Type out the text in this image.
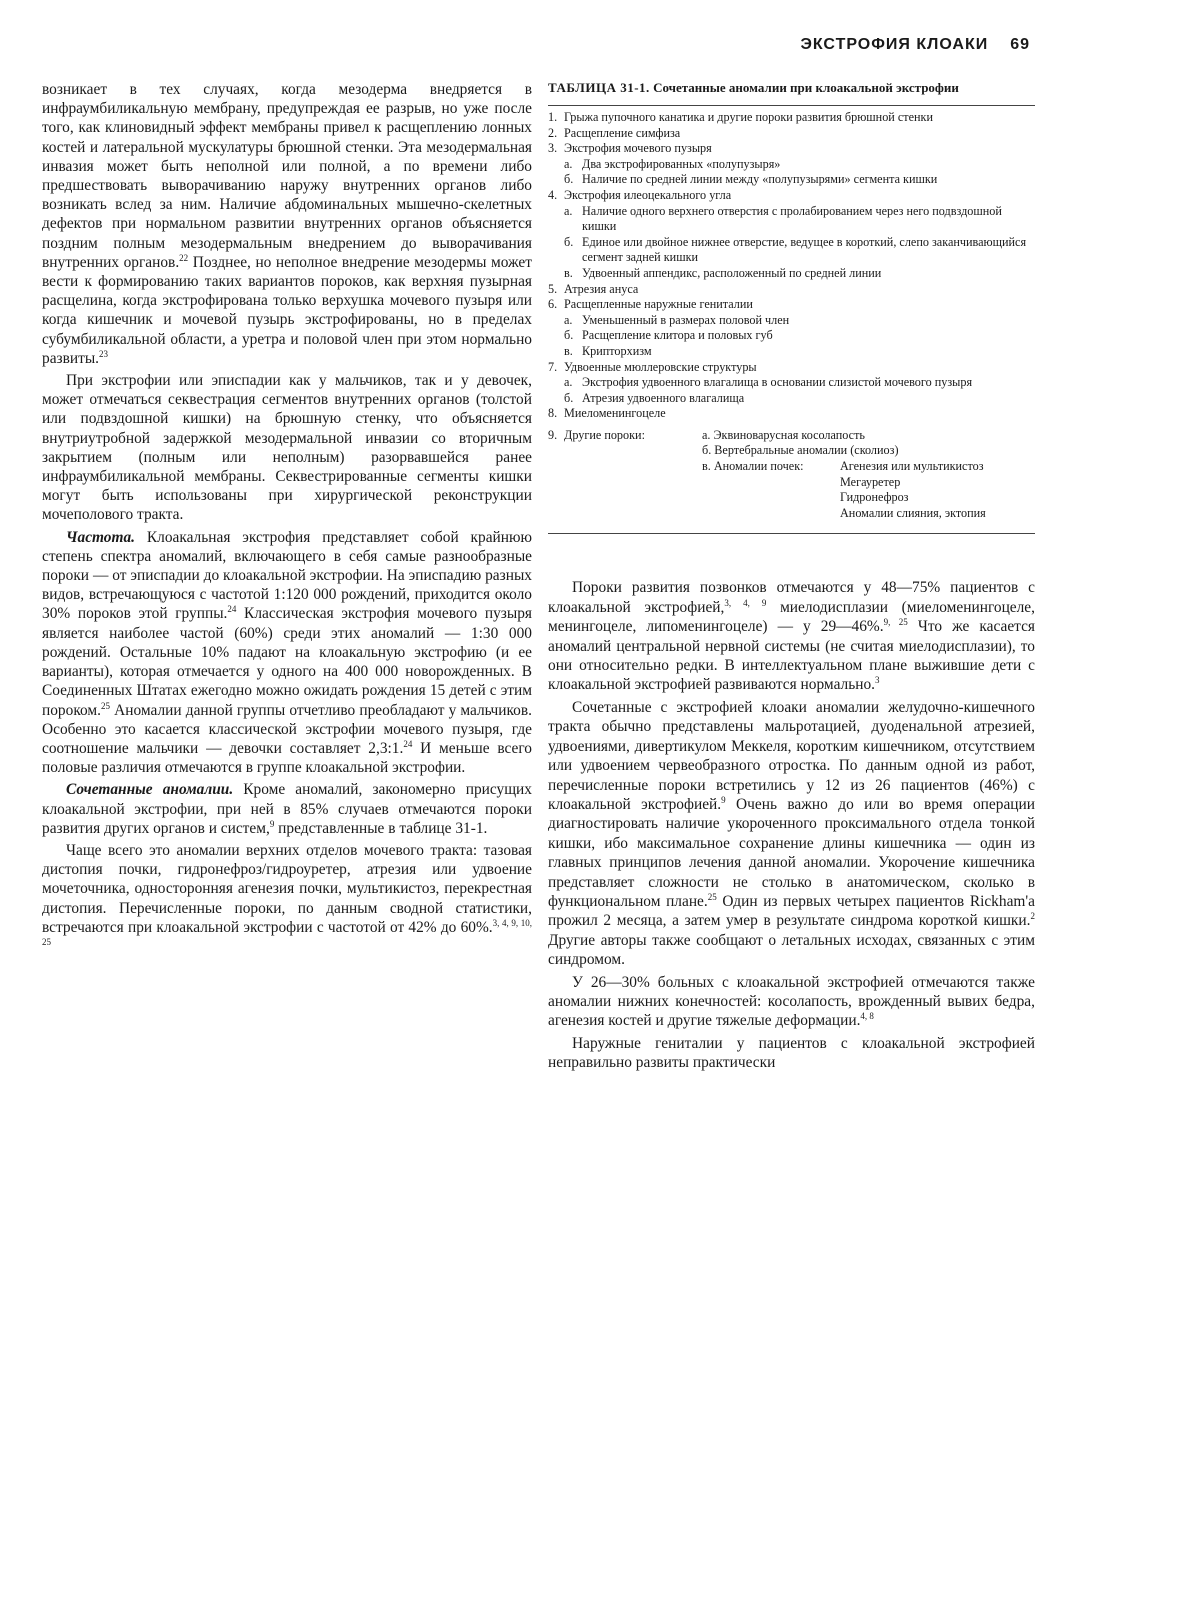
ЭКСТРОФИЯ КЛОАКИ 69

возникает в тех случаях, когда мезодерма внедряется в инфраумбиликальную мембрану, предупреждая ее разрыв, но уже после того, как клиновидный эффект мембраны привел к расщеплению лонных костей и латеральной мускулатуры брюшной стенки. Эта мезодермальная инвазия может быть неполной или полной, а по времени либо предшествовать выворачиванию наружу внутренних органов либо возникать вслед за ним. Наличие абдоминальных мышечно-скелетных дефектов при нормальном развитии внутренних органов объясняется поздним полным мезодермальным внедрением до выворачивания внутренних органов.$^{22}$ Позднее, но неполное внедрение мезодермы может вести к формированию таких вариантов пороков, как верхняя пузырная расщелина, когда экстрофирована только верхушка мочевого пузыря или когда кишечник и мочевой пузырь экстрофированы, но в пределах субумбиликальной области, а уретра и половой член при этом нормально развиты.$^{23}$

При экстрофии или эписпадии как у мальчиков, так и у девочек, может отмечаться секвестрация сегментов внутренних органов (толстой или подвздошной кишки) на брюшную стенку, что объясняется внутриутробной задержкой мезодермальной инвазии со вторичным закрытием (полным или неполным) разорвавшейся ранее инфраумбиликальной мембраны. Секвестрированные сегменты кишки могут быть использованы при хирургической реконструкции мочеполового тракта.

Частота. Клоакальная экстрофия представляет собой крайнюю степень спектра аномалий, включающего в себя самые разнообразные пороки — от эписпадии до клоакальной экстрофии. На эписпадию разных видов, встречающуюся с частотой 1:120 000 рождений, приходится около 30% пороков этой группы.$^{24}$ Классическая экстрофия мочевого пузыря является наиболее частой (60%) среди этих аномалий — 1:30 000 рождений. Остальные 10% падают на клоакальную экстрофию (и ее варианты), которая отмечается у одного на 400 000 новорожденных. В Соединенных Штатах ежегодно можно ожидать рождения 15 детей с этим пороком.$^{25}$ Аномалии данной группы отчетливо преобладают у мальчиков. Особенно это касается классической экстрофии мочевого пузыря, где соотношение мальчики — девочки составляет 2,3:1.24 И меньше всего половые различия отмечаются в группе клоакальной экстрофии.

Сочетанные аномалии. Кроме аномалий, закономерно присущих клоакальной экстрофии, при ней в 85% случаев отмечаются пороки развития других органов и систем,$^9$ представленные в таблице 31-1.

Чаще всего это аномалии верхних отделов мочевого тракта: тазовая дистопия почки, гидронефроз/гидроуретер, атрезия или удвоение мочеточника, односторонняя агенезия почки, мультикистоз, перекрестная дистопия. Перечисленные пороки, по данным сводной статистики, встречаются при клоакальной экстрофии с частотой от 42% до 60%.$^{3, 4, 9, 10, 25}$

ТАБЛИЦА 31-1. Сочетанные аномалии при клоакальной экстрофии
1. Грыжа пупочного канатика и другие пороки развития брюшной стенки
2. Расщепление симфиза
3. Экстрофия мочевого пузыря
а. Два экстрофированных «полупузыря»
б. Наличие по средней линии между «полупузырями» сегмента кишки
4. Экстрофия илеоцекального угла
а. Наличие одного верхнего отверстия с пролабированием через него подвздошной кишки
б. Единое или двойное нижнее отверстие, ведущее в короткий, слепо заканчивающийся сегмент задней кишки
в. Удвоенный аппендикс, расположенный по средней линии
5. Атрезия ануса
6. Расщепленные наружные гениталии
а. Уменьшенный в размерах половой член
б. Расщепление клитора и половых губ
в. Крипторхизм
7. Удвоенные мюллеровские структуры
а. Экстрофия удвоенного влагалища в основании слизистой мочевого пузыря
б. Атрезия удвоенного влагалища
8. Миеломенингоцеле
9. Другие пороки:	а. Эквиноварусная косолапость
б. Вертебральные аномалии (сколиоз)
в. Аномалии почек:	Агенезия или мультикистоз
Мегауретер
Гидронефроз
Аномалии слияния, эктопия

Пороки развития позвонков отмечаются у 48—75% пациентов с клоакальной экстрофией,$^{3, 4, 9}$ миелодисплазии (миеломенингоцеле, менингоцеле, липоменингоцеле) — у 29—46%.$^{9, 25}$ Что же касается аномалий центральной нервной системы (не считая миелодисплазии), то они относительно редки. В интеллектуальном плане выжившие дети с клоакальной экстрофией развиваются нормально.$^3$

Сочетанные с экстрофией клоаки аномалии желудочно-кишечного тракта обычно представлены мальротацией, дуоденальной атрезией, удвоениями, дивертикулом Меккеля, коротким кишечником, отсутствием или удвоением червеобразного отростка. По данным одной из работ, перечисленные пороки встретились у 12 из 26 пациентов (46%) с клоакальной экстрофией.$^9$ Очень важно до или во время операции диагностировать наличие укороченного проксимального отдела тонкой кишки, ибо максимальное сохранение длины кишечника — один из главных принципов лечения данной аномалии. Укорочение кишечника представляет сложности не столько в анатомическом, сколько в функциональном плане.$^{25}$ Один из первых четырех пациентов Rickham'а прожил 2 месяца, а затем умер в результате синдрома короткой кишки.$^2$ Другие авторы также сообщают о летальных исходах, связанных с этим синдромом.

У 26—30% больных с клоакальной экстрофией отмечаются также аномалии нижних конечностей: косолапость, врожденный вывих бедра, агенезия костей и другие тяжелые деформации.$^{4, 8}$

Наружные гениталии у пациентов с клоакальной экстрофией неправильно развиты практически
